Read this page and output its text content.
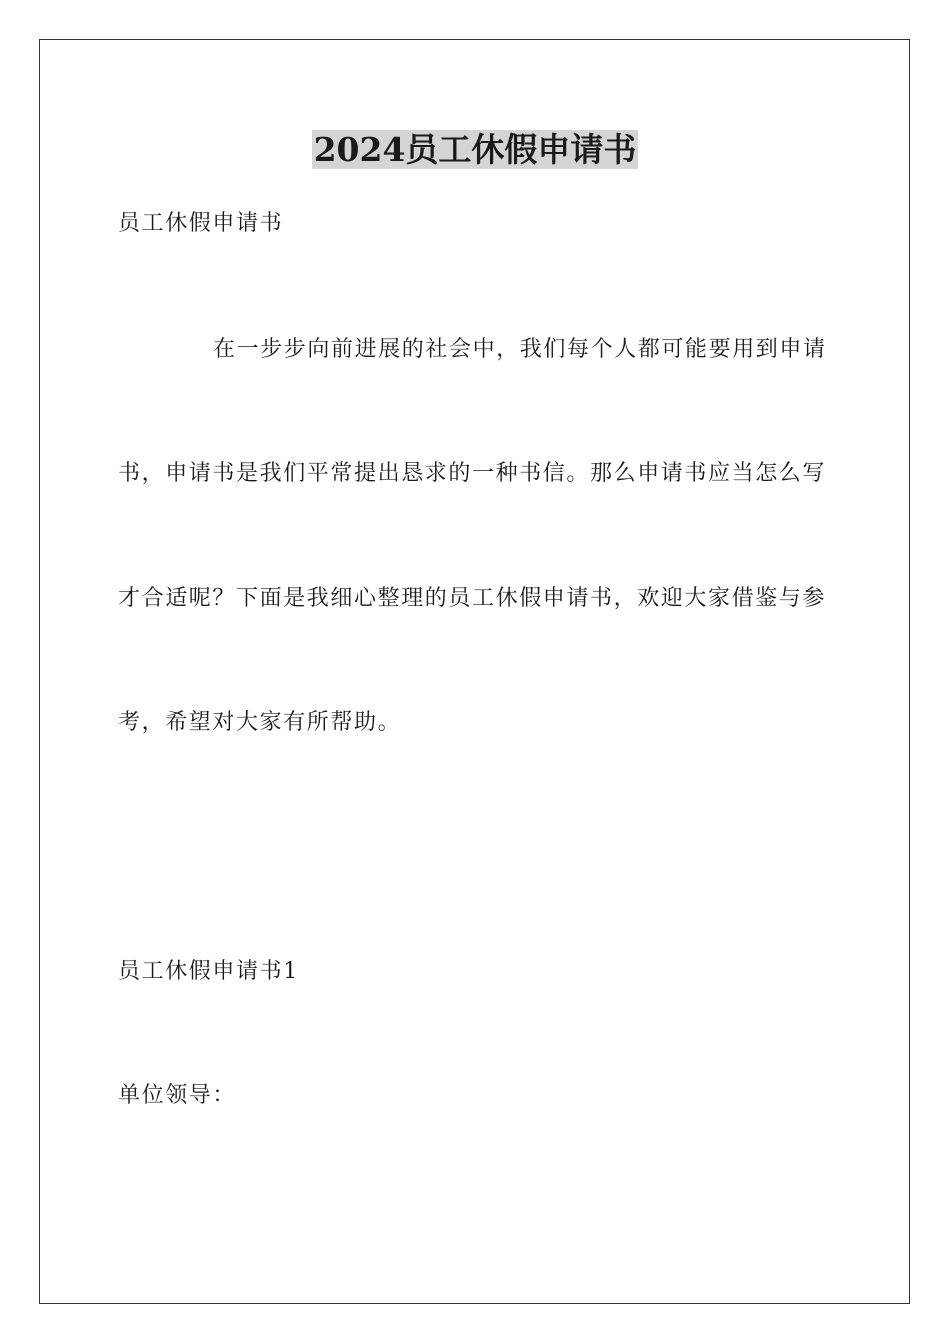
2024员工休假申请书

员工休假申请书

在一步步向前进展的社会中，我们每个人都可能要用到申请

书，申请书是我们平常提出恳求的一种书信。那么申请书应当怎么写

才合适呢？下面是我细心整理的员工休假申请书，欢迎大家借鉴与参

考，希望对大家有所帮助。

员工休假申请书1

单位领导：
